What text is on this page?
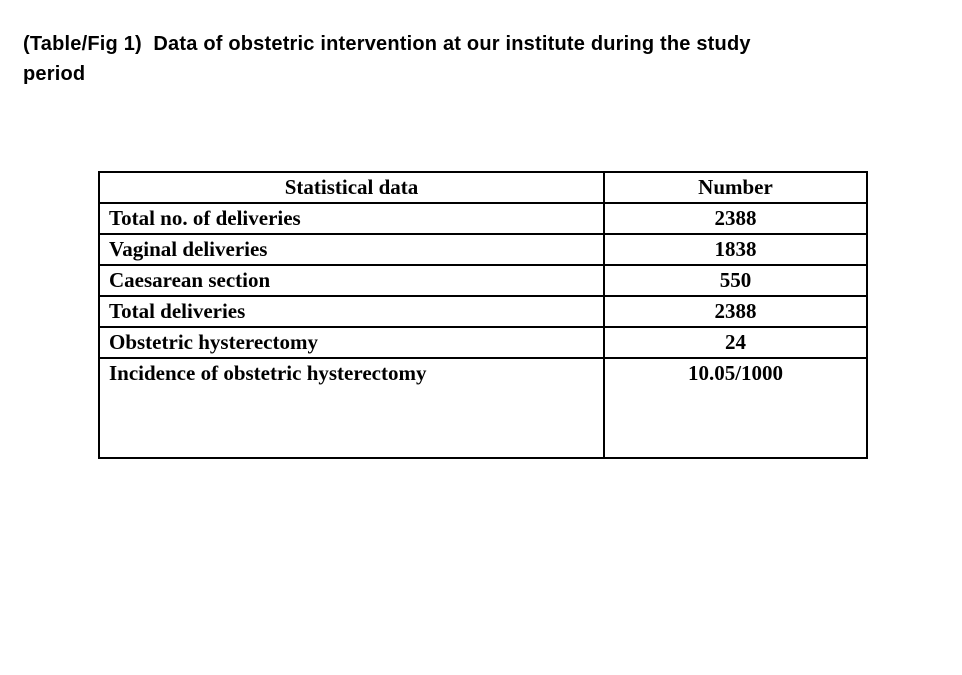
(Table/Fig 1)  Data of obstetric intervention at our institute during the study
period
Statistical data	Number
Total no. of deliveries	2388
Vaginal deliveries	1838
Caesarean section	550
Total deliveries	2388
Obstetric hysterectomy	24
Incidence of obstetric hysterectomy	10.05/1000
